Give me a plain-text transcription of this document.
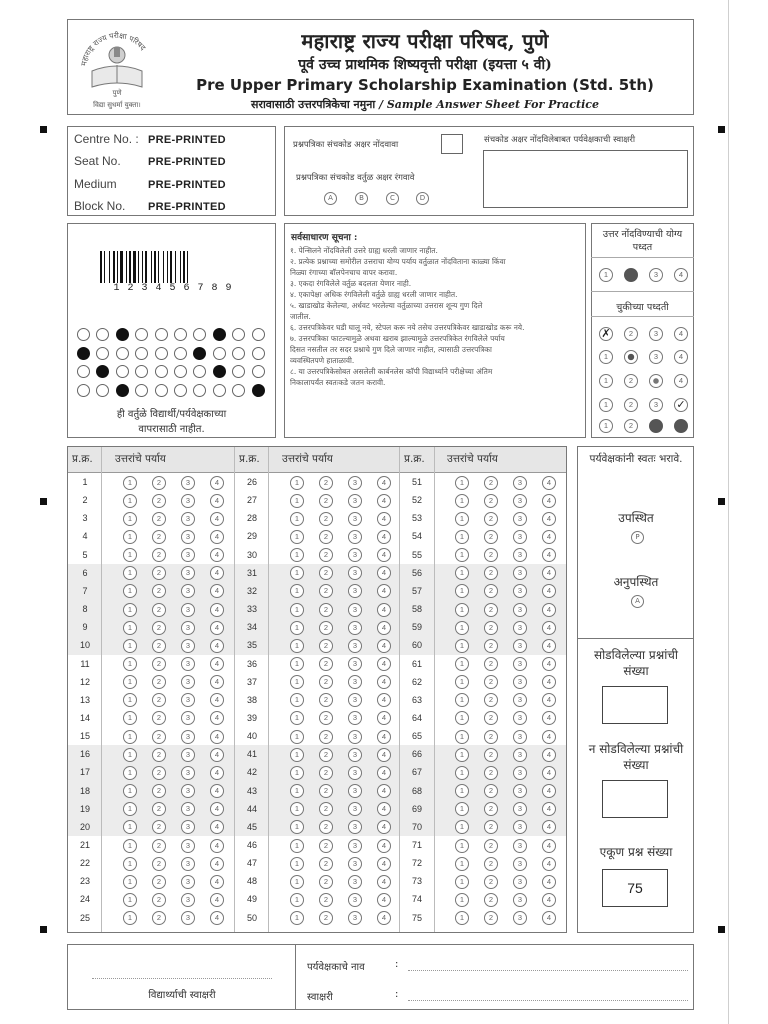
महाराष्ट्र राज्य परीक्षा परिषद
पुणे
विद्या सुधर्मा युक्ता।
महाराष्ट्र राज्य परीक्षा परिषद, पुणे
पूर्व उच्च प्राथमिक शिष्यवृत्ती परीक्षा (इयत्ता ५ वी)
Pre Upper Primary Scholarship Examination (Std. 5th)
सरावासाठी उत्तरपत्रिकेचा नमुना / Sample Answer Sheet For Practice
Centre No. : PRE-PRINTED
Seat No. PRE-PRINTED
Medium	PRE-PRINTED
Block No. PRE-PRINTED
प्रश्नपत्रिका संचकोड अक्षर नोंदवावा
प्रश्नपत्रिका संचकोड वर्तुळ अक्षर रंगवावे
A	B	C	D
संचकोड अक्षर नोंदविलेबाबत पर्यवेक्षकाची स्वाक्षरी
1 2 3 4 5 6 7 8 9
ही वर्तुळे विद्यार्थी/पर्यवेक्षकाच्या
वापरासाठी नाहीत.
सर्वसाधारण सूचना :
१. पेन्सिलने नोंदविलेली उत्तरे ग्राह्य धरली जाणार नाहीत.
२. प्रत्येक प्रश्नाच्या समोरील उत्तराचा योग्य पर्याय वर्तुळात नोंदविताना काळ्या किंवा
निळ्या रंगाच्या बॉलपेनचाच वापर करावा.
३. एकदा रंगविलेले वर्तुळ बदलता येणार नाही.
४. एकापेक्षा अधिक रंगविलेली वर्तुळे ग्राह्य धरली जाणार नाहीत.
५. खाडाखोड केलेल्या, अर्धवट भरलेल्या वर्तुळाच्या उत्तरास शून्य गुण दिले
जातील.
६. उत्तरपत्रिकेवर घडी घालू नये, स्टेपल करू नये तसेच उत्तरपत्रिकेवर खाडाखोड करू नये.
७. उत्तरपत्रिका फाटल्यामुळे अथवा खराब झाल्यामुळे उत्तरपत्रिकेत रंगविलेले पर्याय
दिसत नसतील तर सदर प्रश्नाचे गुण दिले जाणार नाहीत, त्यासाठी उत्तरपत्रिका
व्यवस्थितपणे हाताळावी.
८. या उत्तरपत्रिकेसोबत असलेली कार्बनलेस कॉपी विद्यार्थ्याने परीक्षेच्या अंतिम
निकालापर्यंत स्वतःकडे जतन करावी.
उत्तर नोंदविण्याची योग्य पध्दत
चुकीच्या पध्दती
1	3	4
✗	2	3	4
1	3	4
1	2	4
1	2	3	✓
1	2
प्र.क्र. उत्तरांचे पर्याय
1	1	2	3	4
2	1	2	3	4
3	1	2	3	4
4	1	2	3	4
5	1	2	3	4
6	1	2	3	4
7	1	2	3	4
8	1	2	3	4
9	1	2	3	4
10	1	2	3	4
11	1	2	3	4
12	1	2	3	4
13	1	2	3	4
14	1	2	3	4
15	1	2	3	4
16	1	2	3	4
17	1	2	3	4
18	1	2	3	4
19	1	2	3	4
20	1	2	3	4
21	1	2	3	4
22	1	2	3	4
23	1	2	3	4
24	1	2	3	4
25	1	2	3	4
प्र.क्र. उत्तरांचे पर्याय
26	1	2	3	4
27	1	2	3	4
28	1	2	3	4
29	1	2	3	4
30	1	2	3	4
31	1	2	3	4
32	1	2	3	4
33	1	2	3	4
34	1	2	3	4
35	1	2	3	4
36	1	2	3	4
37	1	2	3	4
38	1	2	3	4
39	1	2	3	4
40	1	2	3	4
41	1	2	3	4
42	1	2	3	4
43	1	2	3	4
44	1	2	3	4
45	1	2	3	4
46	1	2	3	4
47	1	2	3	4
48	1	2	3	4
49	1	2	3	4
50	1	2	3	4
प्र.क्र. उत्तरांचे पर्याय
51	1	2	3	4
52	1	2	3	4
53	1	2	3	4
54	1	2	3	4
55	1	2	3	4
56	1	2	3	4
57	1	2	3	4
58	1	2	3	4
59	1	2	3	4
60	1	2	3	4
61	1	2	3	4
62	1	2	3	4
63	1	2	3	4
64	1	2	3	4
65	1	2	3	4
66	1	2	3	4
67	1	2	3	4
68	1	2	3	4
69	1	2	3	4
70	1	2	3	4
71	1	2	3	4
72	1	2	3	4
73	1	2	3	4
74	1	2	3	4
75	1	2	3	4
पर्यवेक्षकांनी स्वतः भरावे.
उपस्थित
P
अनुपस्थित
A
सोडविलेल्या प्रश्नांची संख्या
न सोडविलेल्या प्रश्नांची संख्या
एकूण प्रश्न संख्या
75
विद्यार्थ्याची स्वाक्षरी
पर्यवेक्षकाचे नाव	:
स्वाक्षरी	:
